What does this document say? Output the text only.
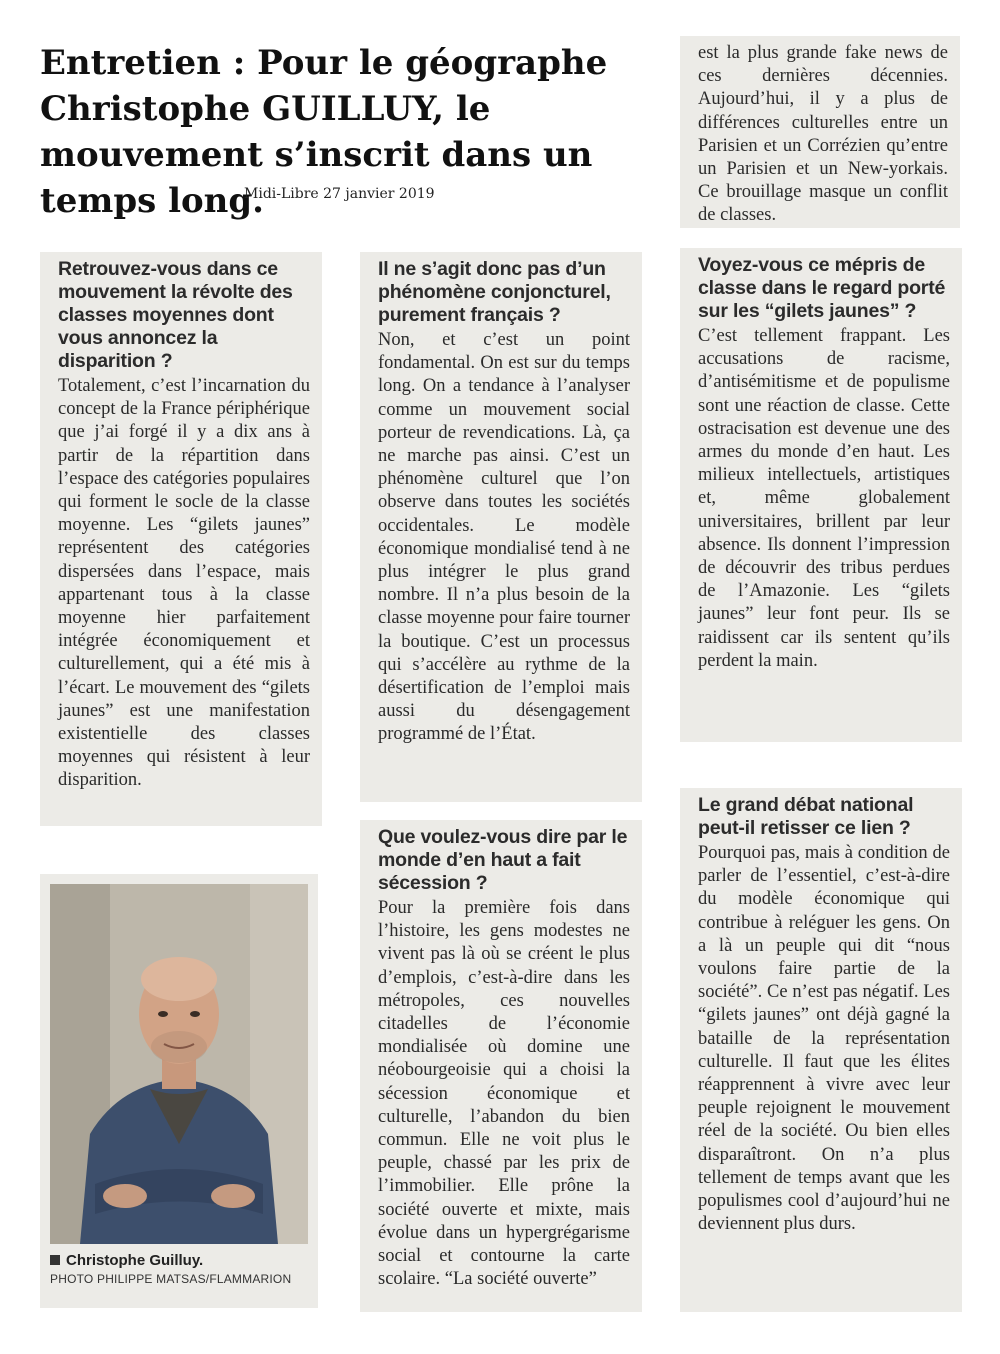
Entretien : Pour le géographe Christophe GUILLUY, le mouvement s’inscrit dans un temps long.
Midi-Libre 27 janvier 2019

est la plus grande fake news de ces dernières décennies. Aujourd’hui, il y a plus de différences culturelles entre un Parisien et un Corrézien qu’entre un Parisien et un New-yorkais. Ce brouillage masque un conflit de classes.

Retrouvez-vous dans ce mouvement la révolte des classes moyennes dont vous annoncez la disparition ?

Totalement, c’est l’incarnation du concept de la France périphérique que j’ai forgé il y a dix ans à partir de la répartition dans l’espace des catégories populaires qui forment le socle de la classe moyenne. Les “gilets jaunes” représentent des catégories dispersées dans l’espace, mais appartenant tous à la classe moyenne hier parfaitement intégrée économiquement et culturellement, qui a été mis à l’écart. Le mouvement des “gilets jaunes” est une manifestation existentielle des classes moyennes qui résistent à leur disparition.

Il ne s’agit donc pas d’un phénomène conjoncturel, purement français ?

Non, et c’est un point fondamental. On est sur du temps long. On a tendance à l’analyser comme un mouvement social porteur de revendications. Là, ça ne marche pas ainsi. C’est un phénomène culturel que l’on observe dans toutes les sociétés occidentales. Le modèle économique mondialisé tend à ne plus intégrer le plus grand nombre. Il n’a plus besoin de la classe moyenne pour faire tourner la boutique. C’est un processus qui s’accélère au rythme de la désertification de l’emploi mais aussi du désengagement programmé de l’État.

Voyez-vous ce mépris de classe dans le regard porté sur les “gilets jaunes” ?

C’est tellement frappant. Les accusations de racisme, d’antisémitisme et de populisme sont une réaction de classe. Cette ostracisation est devenue une des armes du monde d’en haut. Les milieux intellectuels, artistiques et, même globalement universitaires, brillent par leur absence. Ils donnent l’impression de découvrir des tribus perdues de l’Amazonie. Les “gilets jaunes” leur font peur. Ils se raidissent car ils sentent qu’ils perdent la main.

Christophe Guilluy.
PHOTO PHILIPPE MATSAS/FLAMMARION
Que voulez-vous dire par le monde d’en haut a fait sécession ?

Pour la première fois dans l’histoire, les gens modestes ne vivent pas là où se créent le plus d’emplois, c’est-à-dire dans les métropoles, ces nouvelles citadelles de l’économie mondialisée où domine une néobourgeoisie qui a choisi la sécession économique et culturelle, l’abandon du bien commun. Elle ne voit plus le peuple, chassé par les prix de l’immobilier. Elle prône la société ouverte et mixte, mais évolue dans un hypergrégarisme social et contourne la carte scolaire. “La société ouverte”

Le grand débat national peut-il retisser ce lien ?

Pourquoi pas, mais à condition de parler de l’essentiel, c’est-à-dire du modèle économique qui contribue à reléguer les gens. On a là un peuple qui dit “nous voulons faire partie de la société”. Ce n’est pas négatif. Les “gilets jaunes” ont déjà gagné la bataille de la représentation culturelle. Il faut que les élites réapprennent à vivre avec leur peuple rejoignent le mouvement réel de la société. Ou bien elles disparaîtront. On n’a plus tellement de temps avant que les populismes cool d’aujourd’hui ne deviennent plus durs.
